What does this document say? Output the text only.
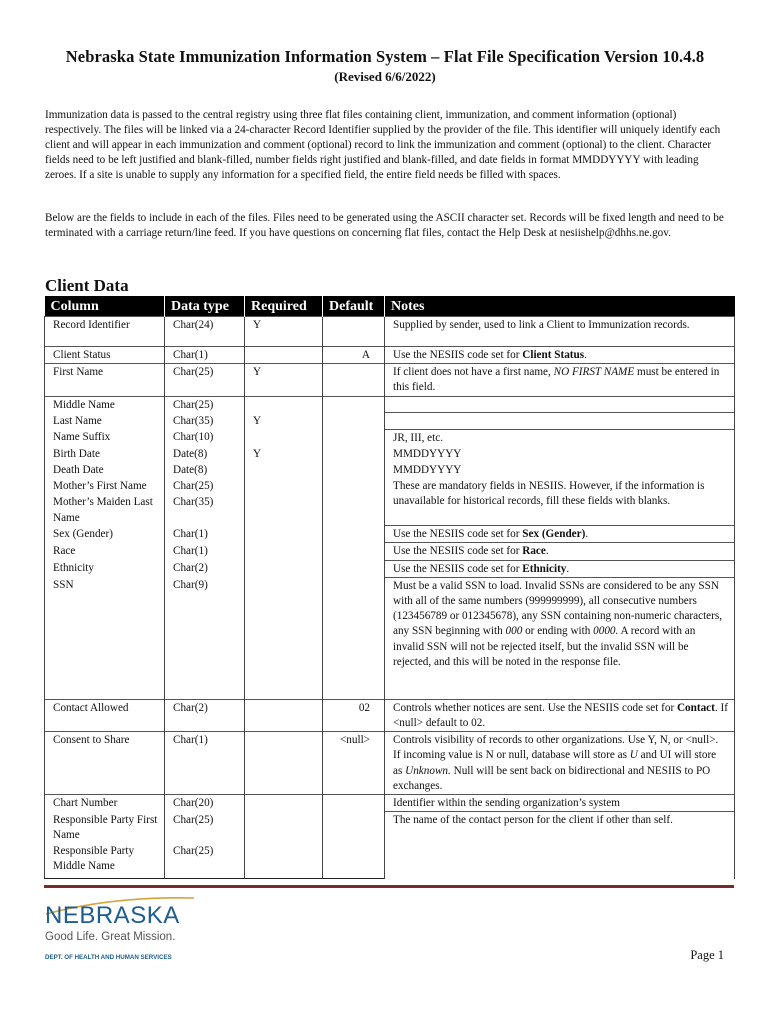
Nebraska State Immunization Information System – Flat File Specification Version 10.4.8
(Revised 6/6/2022)

Immunization data is passed to the central registry using three flat files containing client, immunization, and comment information (optional) respectively. The files will be linked via a 24-character Record Identifier supplied by the provider of the file. This identifier will uniquely identify each client and will appear in each immunization and comment (optional) record to link the immunization and comment (optional) to the client. Character fields need to be left justified and blank-filled, number fields right justified and blank-filled, and date fields in format MMDDYYYY with leading zeroes. If a site is unable to supply any information for a specified field, the entire field needs be filled with spaces.

Below are the fields to include in each of the files. Files need to be generated using the ASCII character set. Records will be fixed length and need to be terminated with a carriage return/line feed. If you have questions on concerning flat files, contact the Help Desk at nesiishelp@dhhs.ne.gov.

Client Data
Column	Data type	Required	Default	Notes
Record Identifier	Char(24)	Y		Supplied by sender, used to link a Client to Immunization records.
Client Status	Char(1)		A	Use the NESIIS code set for Client Status.
First Name	Char(25)	Y		If client does not have a first name, NO FIRST NAME must be entered in this field.
Middle Name	Char(25)			
Last Name	Char(35)	Y		
Name Suffix	Char(10)			JR, III, etc.
Birth Date	Date(8)	Y		MMDDYYYY
Death Date	Date(8)			MMDDYYYY
Mother’s First Name	Char(25)			These are mandatory fields in NESIIS. However, if the information is unavailable for historical records, fill these fields with blanks.
Mother’s Maiden Last Name	Char(35)			
Sex (Gender)	Char(1)			Use the NESIIS code set for Sex (Gender).
Race	Char(1)			Use the NESIIS code set for Race.
Ethnicity	Char(2)			Use the NESIIS code set for Ethnicity.
SSN	Char(9)			Must be a valid SSN to load. Invalid SSNs are considered to be any SSN with all of the same numbers (999999999), all consecutive numbers (123456789 or 012345678), any SSN containing non-numeric characters, any SSN beginning with 000 or ending with 0000. A record with an invalid SSN will not be rejected itself, but the invalid SSN will be rejected, and this will be noted in the response file.
Contact Allowed	Char(2)		02	Controls whether notices are sent. Use the NESIIS code set for Contact. If <null> default to 02.
Consent to Share	Char(1)		<null>	Controls visibility of records to other organizations. Use Y, N, or <null>. If incoming value is N or null, database will store as U and UI will store as Unknown. Null will be sent back on bidirectional and NESIIS to PO exchanges.
Chart Number	Char(20)			Identifier within the sending organization’s system
Responsible Party First Name	Char(25)			The name of the contact person for the client if other than self.
Responsible Party Middle Name	Char(25)			
NEBRASKA
Good Life. Great Mission.
DEPT. OF HEALTH AND HUMAN SERVICES	Page 1
